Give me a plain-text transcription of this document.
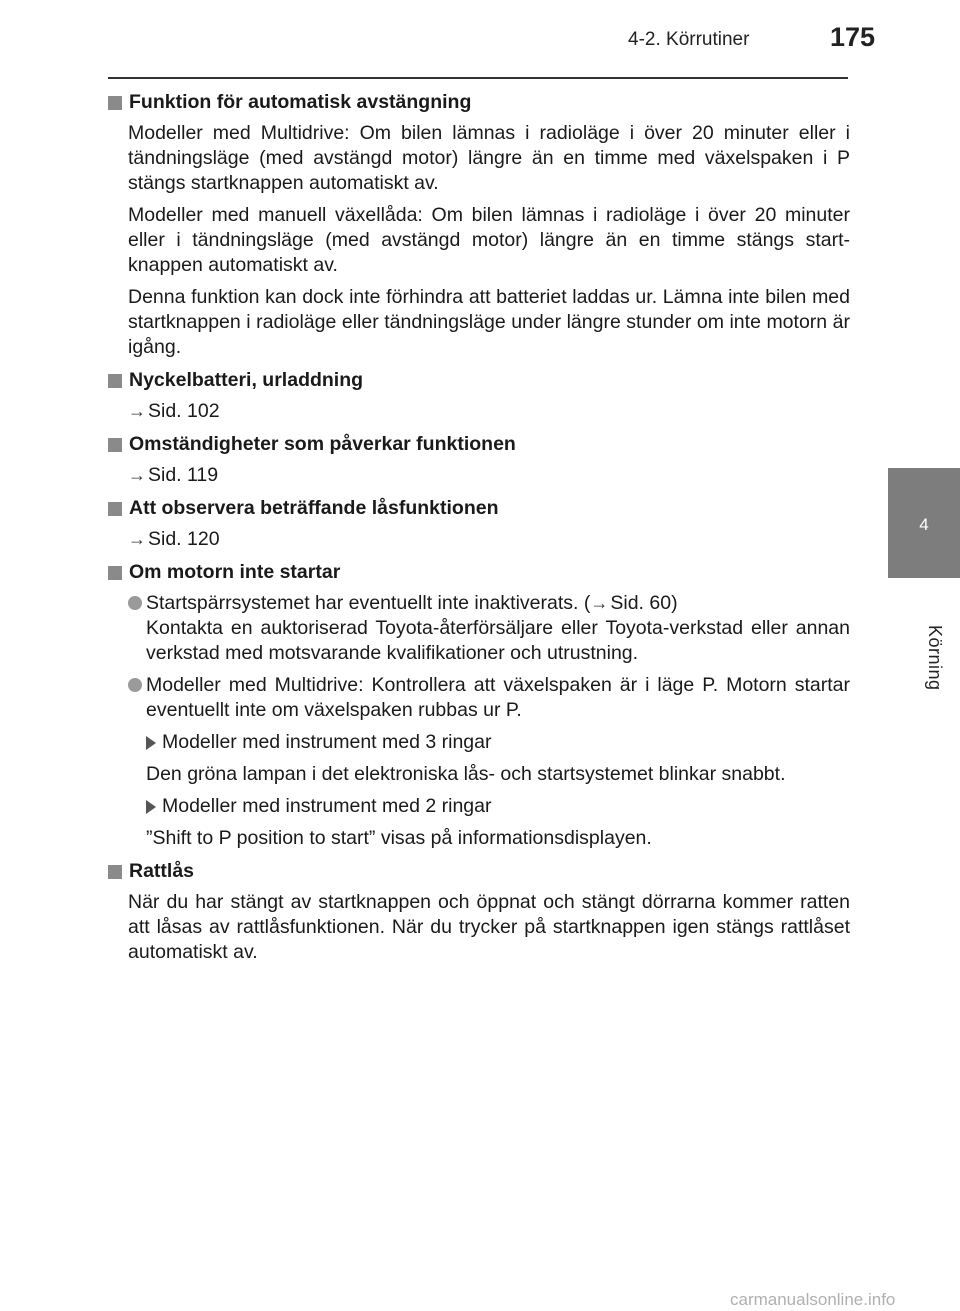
4-2. Körrutiner	175
4
Körning
Funktion för automatisk avstängning

Modeller med Multidrive: Om bilen lämnas i radioläge i över 20 minuter eller i tändningsläge (med avstängd motor) längre än en timme med växelspaken i P stängs startknappen automatiskt av.

Modeller med manuell växellåda: Om bilen lämnas i radioläge i över 20 minuter eller i tändningsläge (med avstängd motor) längre än en timme stängs start-knappen automatiskt av.

Denna funktion kan dock inte förhindra att batteriet laddas ur. Lämna inte bilen med startknappen i radioläge eller tändningsläge under längre stunder om inte motorn är igång.

Nyckelbatteri, urladdning
→ Sid. 102
Omständigheter som påverkar funktionen
→ Sid. 119
Att observera beträffande låsfunktionen
→ Sid. 120
Om motorn inte startar
Startspärrsystemet har eventuellt inte inaktiverats. (→ Sid. 60)
Kontakta en auktoriserad Toyota-återförsäljare eller Toyota-verkstad eller annan verkstad med motsvarande kvalifikationer och utrustning.
Modeller med Multidrive: Kontrollera att växelspaken är i läge P. Motorn startar eventuellt inte om växelspaken rubbas ur P.
Modeller med instrument med 3 ringar
Den gröna lampan i det elektroniska lås- och startsystemet blinkar snabbt.
Modeller med instrument med 2 ringar
”Shift to P position to start” visas på informationsdisplayen.
Rattlås

När du har stängt av startknappen och öppnat och stängt dörrarna kommer ratten att låsas av rattlåsfunktionen. När du trycker på startknappen igen stängs rattlåset automatiskt av.

carmanualsonline.info
